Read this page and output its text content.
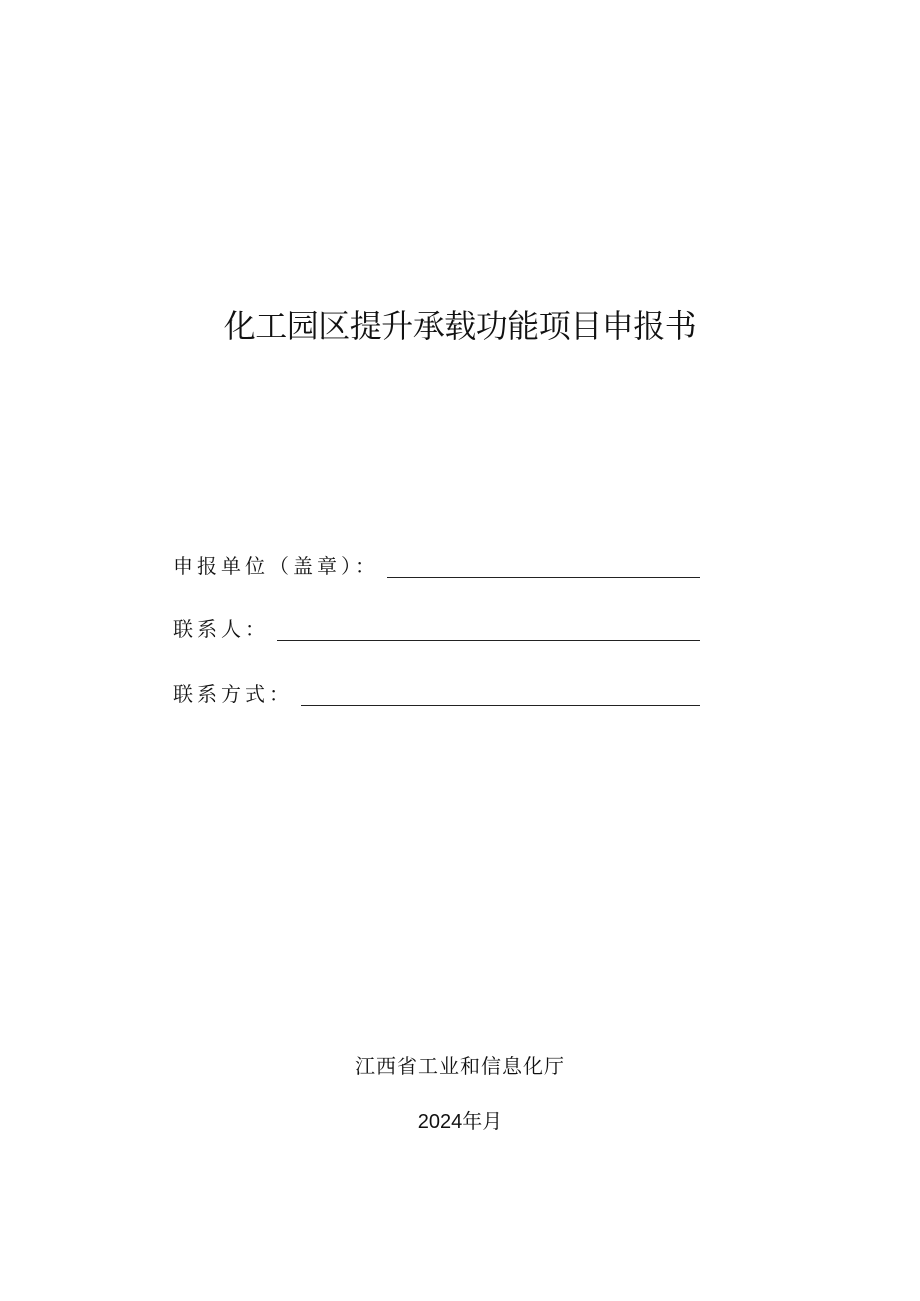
化工园区提升承载功能项目申报书
申报单位（盖章）：
联系人：
联系方式：
江西省工业和信息化厅
2024年月
